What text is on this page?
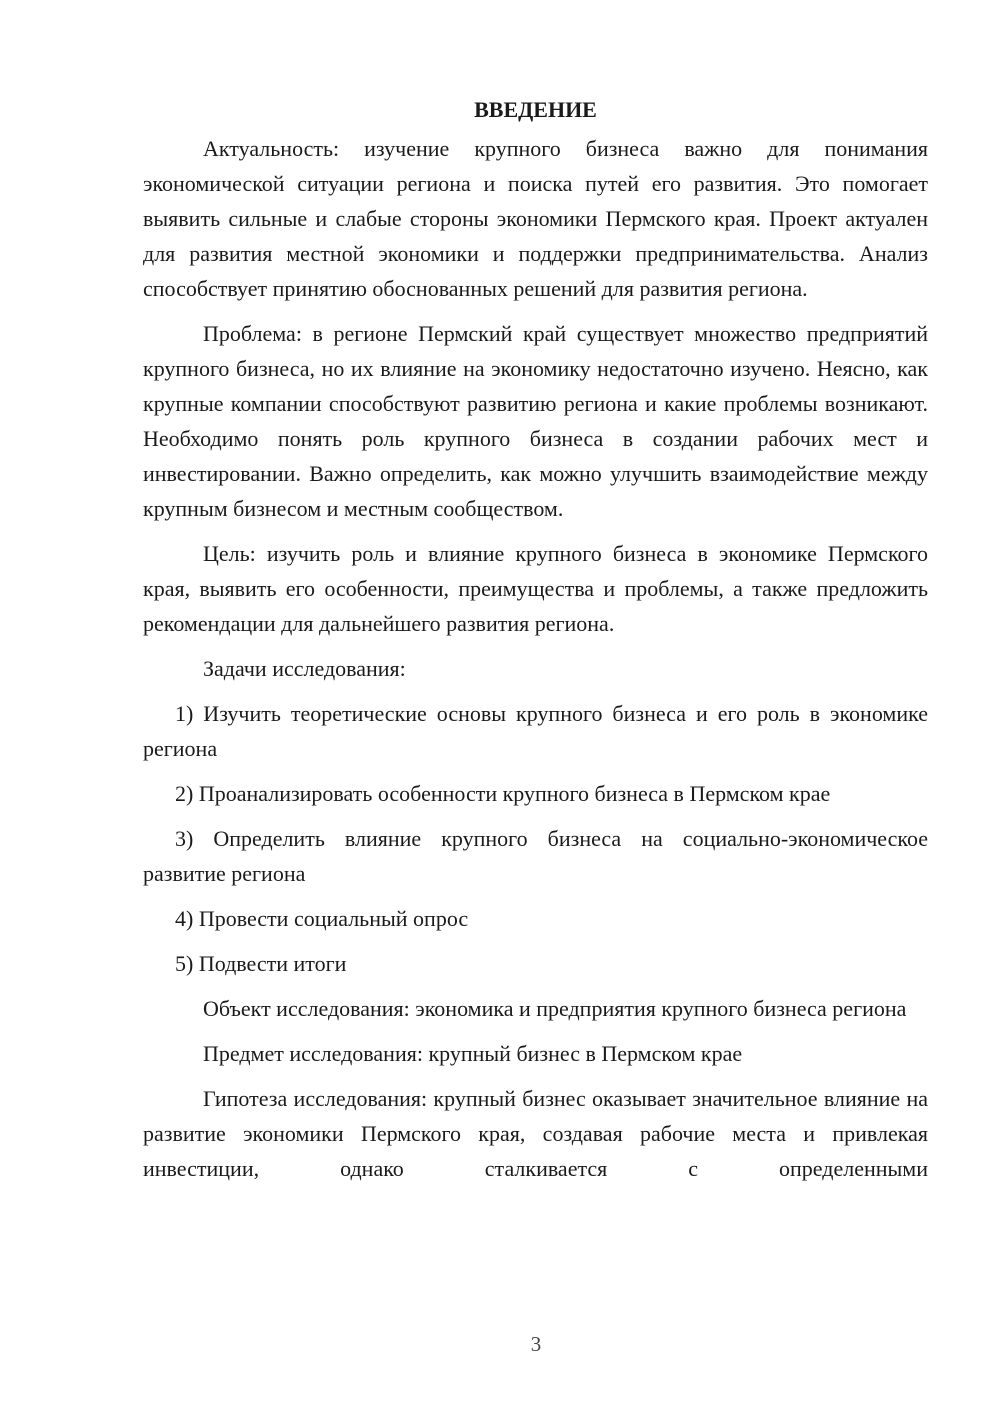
ВВЕДЕНИЕ

Актуальность: изучение крупного бизнеса важно для понимания экономической ситуации региона и поиска путей его развития. Это помогает выявить сильные и слабые стороны экономики Пермского края. Проект актуален для развития местной экономики и поддержки предпринимательства. Анализ способствует принятию обоснованных решений для развития региона.

Проблема: в регионе Пермский край существует множество предприятий крупного бизнеса, но их влияние на экономику недостаточно изучено. Неясно, как крупные компании способствуют развитию региона и какие проблемы возникают. Необходимо понять роль крупного бизнеса в создании рабочих мест и инвестировании. Важно определить, как можно улучшить взаимодействие между крупным бизнесом и местным сообществом.

Цель: изучить роль и влияние крупного бизнеса в экономике Пермского края, выявить его особенности, преимущества и проблемы, а также предложить рекомендации для дальнейшего развития региона.

Задачи исследования:

1) Изучить теоретические основы крупного бизнеса и его роль в экономике региона

2) Проанализировать особенности крупного бизнеса в Пермском крае

3) Определить влияние крупного бизнеса на социально-экономическое развитие региона

4) Провести социальный опрос

5) Подвести итоги

Объект исследования: экономика и предприятия крупного бизнеса региона

Предмет исследования: крупный бизнес в Пермском крае

Гипотеза исследования: крупный бизнес оказывает значительное влияние на развитие экономики Пермского края, создавая рабочие места и привлекая инвестиции, однако сталкивается с определенными

3
